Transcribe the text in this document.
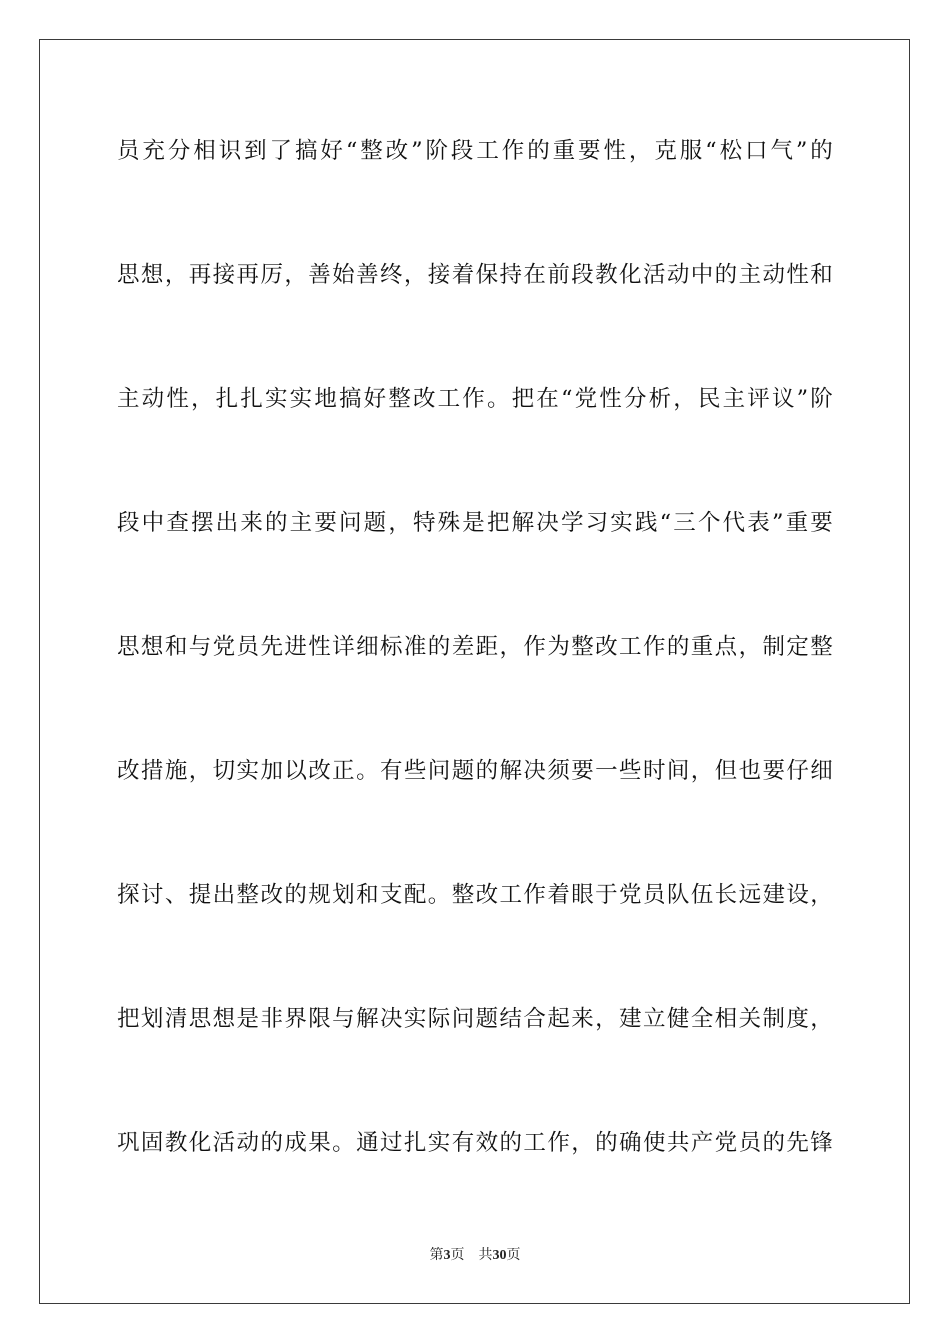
员充分相识到了搞好“整改”阶段工作的重要性，克服“松口气”的
思想，再接再厉，善始善终，接着保持在前段教化活动中的主动性和
主动性，扎扎实实地搞好整改工作。把在“党性分析，民主评议”阶
段中查摆出来的主要问题，特殊是把解决学习实践“三个代表”重要
思想和与党员先进性详细标准的差距，作为整改工作的重点，制定整
改措施，切实加以改正。有些问题的解决须要一些时间，但也要仔细
探讨、提出整改的规划和支配。整改工作着眼于党员队伍长远建设，
把划清思想是非界限与解决实际问题结合起来，建立健全相关制度，
巩固教化活动的成果。通过扎实有效的工作，的确使共产党员的先锋
第3页 共30页
